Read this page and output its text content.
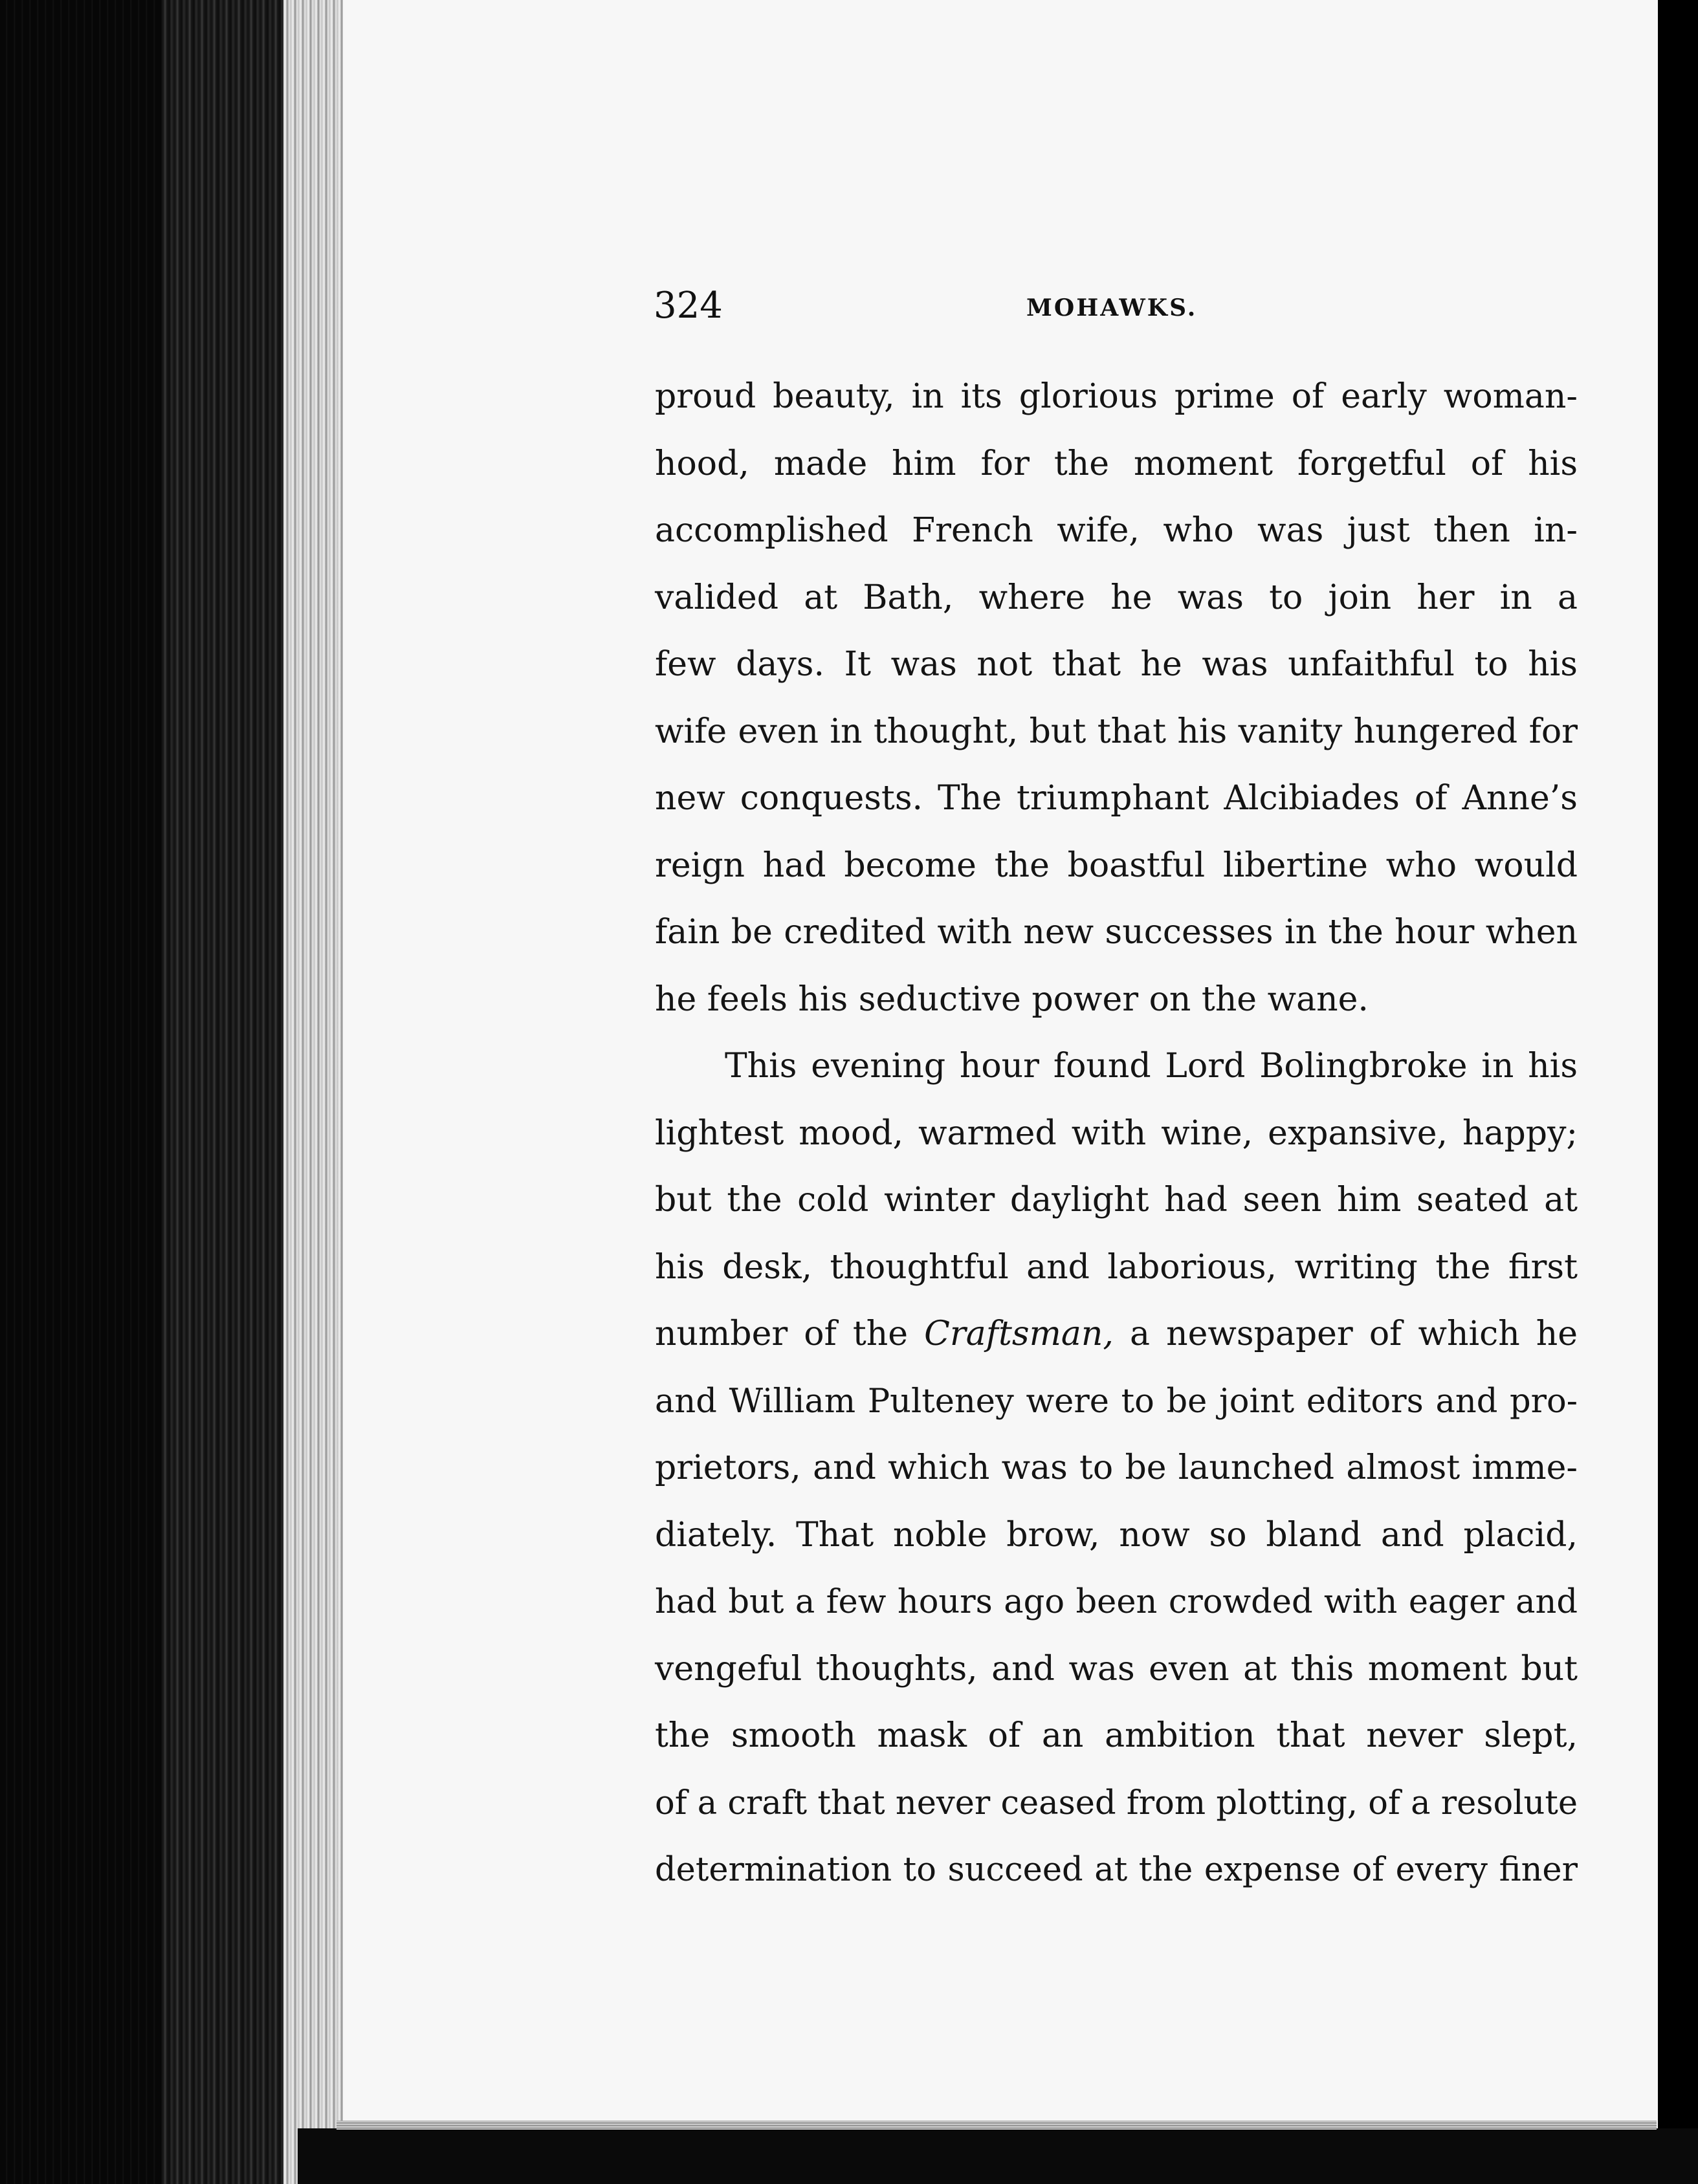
324	MOHAWKS.
proud beauty, in its glorious prime of early woman-
hood, made him for the moment forgetful of his
accomplished French wife, who was just then in-
valided at Bath, where he was to join her in a
few days. It was not that he was unfaithful to his
wife even in thought, but that his vanity hungered for
new conquests. The triumphant Alcibiades of Anne’s
reign had become the boastful libertine who would
fain be credited with new successes in the hour when
he feels his seductive power on the wane.
This evening hour found Lord Bolingbroke in his
lightest mood, warmed with wine, expansive, happy;
but the cold winter daylight had seen him seated at
his desk, thoughtful and laborious, writing the first
number of the Craftsman, a newspaper of which he
and William Pulteney were to be joint editors and pro-
prietors, and which was to be launched almost imme-
diately. That noble brow, now so bland and placid,
had but a few hours ago been crowded with eager and
vengeful thoughts, and was even at this moment but
the smooth mask of an ambition that never slept,
of a craft that never ceased from plotting, of a resolute
determination to succeed at the expense of every finer
